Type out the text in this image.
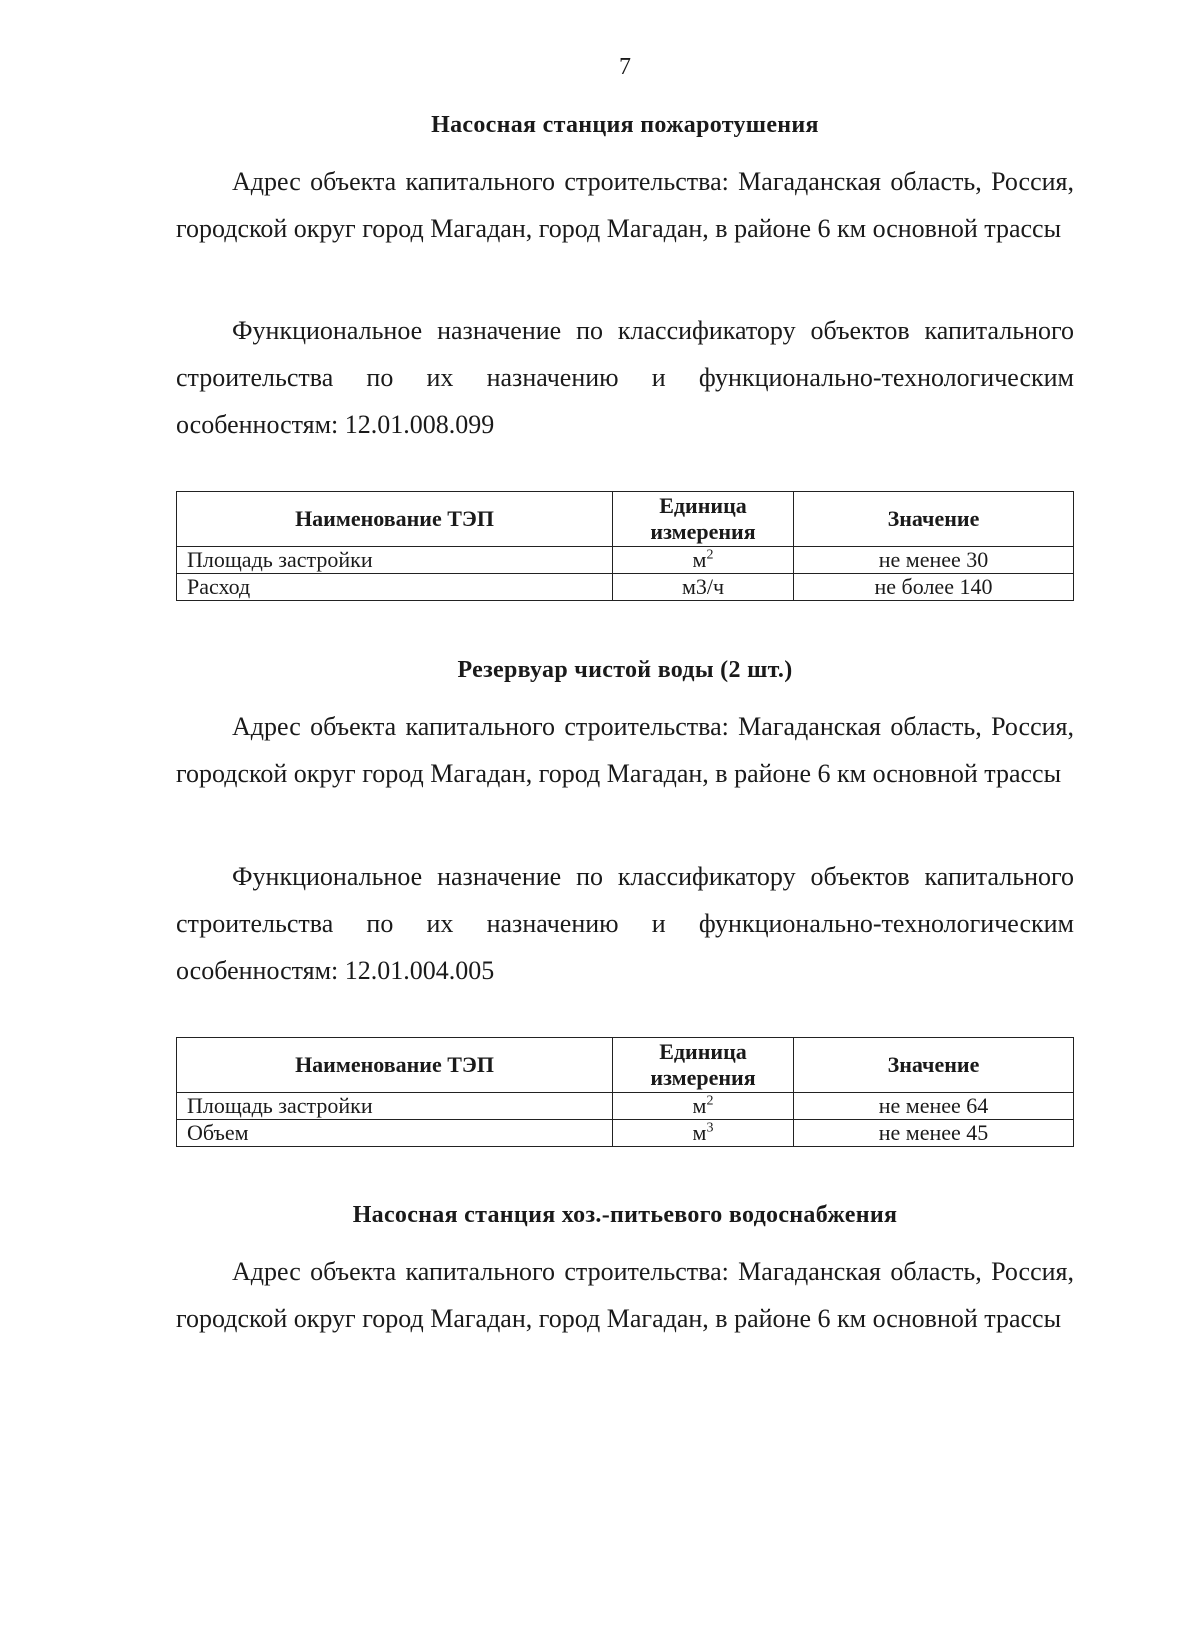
7
Насосная станция пожаротушения

Адрес объекта капитального строительства: Магаданская область, Россия, городской округ город Магадан, город Магадан, в районе 6 км основной трассы

Функциональное назначение по классификатору объектов капитального строительства по их назначению и функционально-технологическим особенностям: 12.01.008.099

Наименование ТЭП	Единица измерения	Значение
Площадь застройки	$м^2$	не менее 30
Расход	м3/ч	не более 140
Резервуар чистой воды (2 шт.)

Адрес объекта капитального строительства: Магаданская область, Россия, городской округ город Магадан, город Магадан, в районе 6 км основной трассы

Функциональное назначение по классификатору объектов капитального строительства по их назначению и функционально-технологическим особенностям: 12.01.004.005

Наименование ТЭП	Единица измерения	Значение
Площадь застройки	$м^2$	не менее 64
Объем	$м^3$	не менее 45
Насосная станция хоз.-питьевого водоснабжения

Адрес объекта капитального строительства: Магаданская область, Россия, городской округ город Магадан, город Магадан, в районе 6 км основной трассы
